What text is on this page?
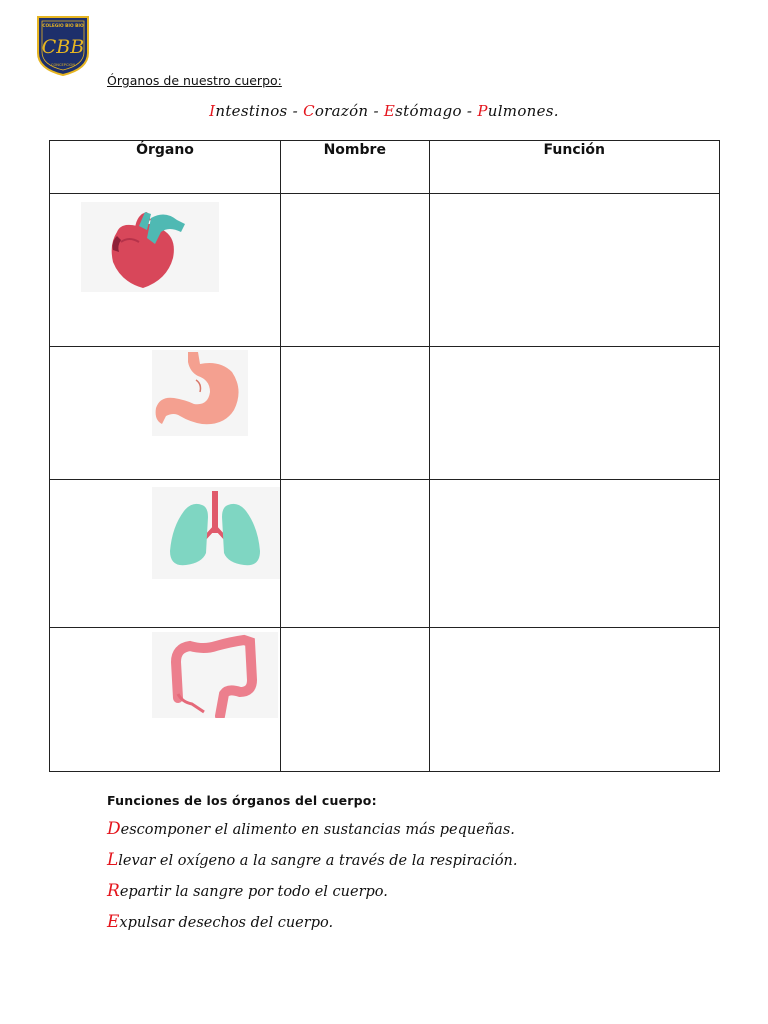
COLEGIO BIO BIO
CBB
CONCEPCION
Órganos de nuestro cuerpo:
Intestinos - Corazón - Estómago - Pulmones.
Órgano	Nombre	Función

Funciones de los órganos del cuerpo:
Descomponer el alimento en sustancias más pequeñas.
Llevar el oxígeno a la sangre a través de la respiración.
Repartir la sangre por todo el cuerpo.
Expulsar desechos del cuerpo.
